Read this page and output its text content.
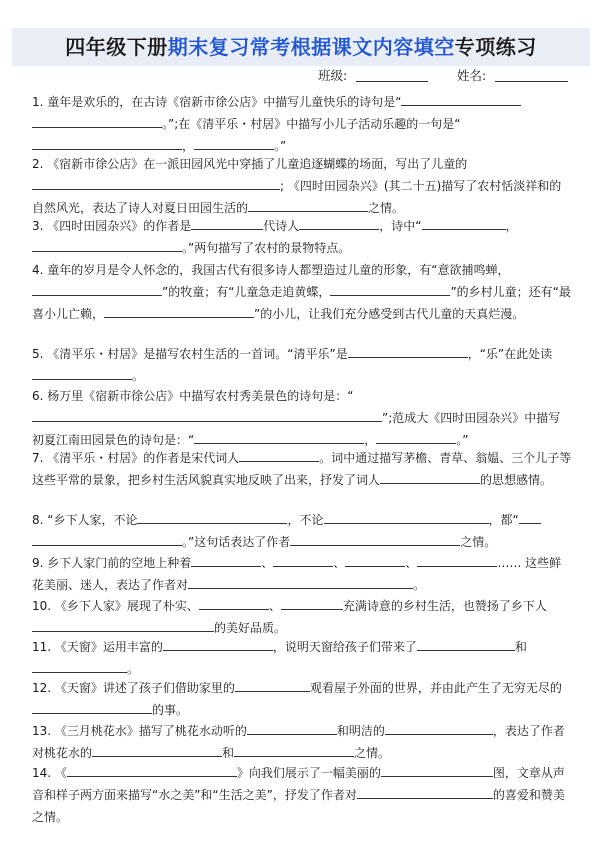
四年级下册期末复习常考根据课文内容填空专项练习
班级:	姓名:

1. 童年是欢乐的，在古诗《宿新市徐公店》中描写儿童快乐的诗句是“。”;在《清平乐・村居》中描写小儿子活动乐趣的一句是“，	。”

2. 《宿新市徐公店》在一派田园风光中穿插了儿童追逐蝴蝶的场面，写出了儿童的; 《四时田园杂兴》(其二十五)描写了农村恬淡祥和的自然风光，表达了诗人对夏日田园生活的	之情。

3. 《四时田园杂兴》的作者是	代诗人	，诗中“	，。”两句描写了农村的景物特点。

4. 童年的岁月是令人怀念的，我国古代有很多诗人都塑造过儿童的形象，有“意欲捕鸣蝉，”的牧童；有“儿童急走追黄蝶，	”的乡村儿童；还有“最喜小儿亡赖，	”的小儿，让我们充分感受到古代儿童的天真烂漫。

5. 《清平乐・村居》是描写农村生活的一首词。“清平乐”是	，“乐”在此处读。

6. 杨万里《宿新市徐公店》中描写农村秀美景色的诗句是：“”;范成大《四时田园杂兴》中描写初夏江南田园景色的诗句是：“	，	。”

7. 《清平乐・村居》的作者是宋代词人	。词中通过描写茅檐、青草、翁媪、三个儿子等这些平常的景象，把乡村生活风貌真实地反映了出来，抒发了词人	的思想感情。

8. “乡下人家，不论	，不论	，都“。”这句话表达了作者	之情。

9. 乡下人家门前的空地上种着	、	、	、	…… 这些鲜花美丽、迷人，表达了作者对	。

10. 《乡下人家》展现了朴实、	、	充满诗意的乡村生活，也赞扬了乡下人的美好品质。

11. 《天窗》运用丰富的	，说明天窗给孩子们带来了	和。

12. 《天窗》讲述了孩子们借助家里的	观看屋子外面的世界，并由此产生了无穷无尽的的事。

13. 《三月桃花水》描写了桃花水动听的	和明洁的	，表达了作者对桃花水的	和	之情。

14. 《	》向我们展示了一幅美丽的	图，文章从声音和样子两方面来描写“水之美”和“生活之美”，抒发了作者对	的喜爱和赞美之情。
